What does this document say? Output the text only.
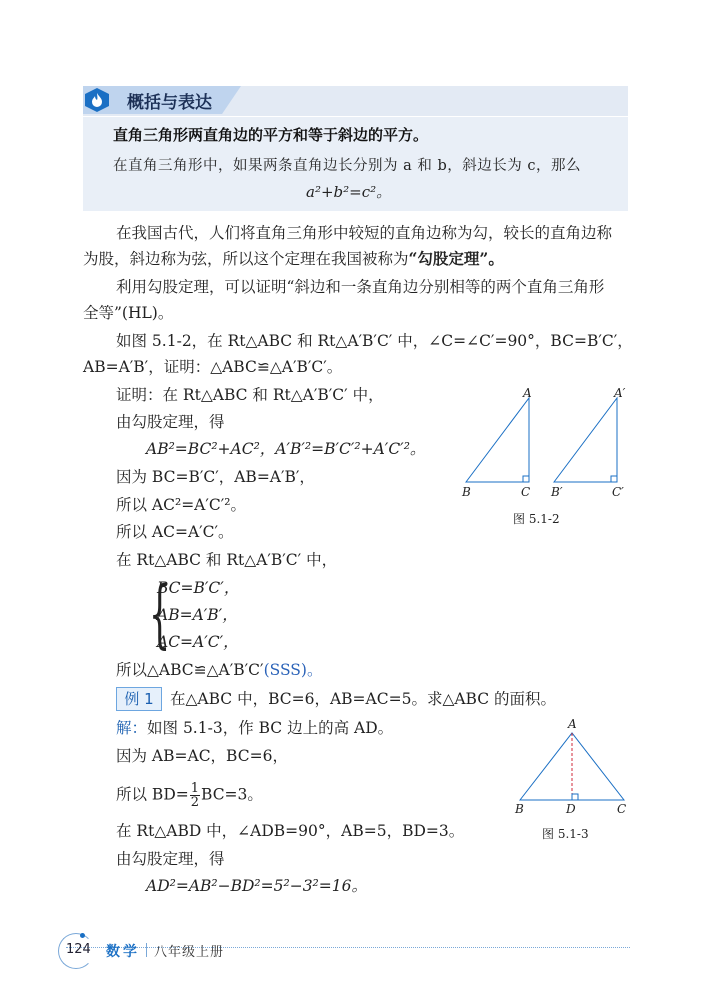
概括与表达
直角三角形两直角边的平方和等于斜边的平方。
在直角三角形中，如果两条直角边长分别为 a 和 b，斜边长为 c，那么
a²+b²=c²。
在我国古代，人们将直角三角形中较短的直角边称为勾，较长的直角边称
为股，斜边称为弦，所以这个定理在我国被称为“勾股定理”。
利用勾股定理，可以证明“斜边和一条直角边分别相等的两个直角三角形
全等”(HL)。
如图 5.1-2，在 Rt△ABC 和 Rt△A′B′C′ 中，∠C=∠C′=90°，BC=B′C′，
AB=A′B′，证明：△ABC≌△A′B′C′。
证明：在 Rt△ABC 和 Rt△A′B′C′ 中，
由勾股定理，得
AB²=BC²+AC²，A′B′²=B′C′²+A′C′²。
因为 BC=B′C′，AB=A′B′，
所以 AC²=A′C′²。
所以 AC=A′C′。
在 Rt△ABC 和 Rt△A′B′C′ 中，
{
BC=B′C′，
AB=A′B′，
AC=A′C′，
所以△ABC≌△A′B′C′(SSS)。
A
B	C
A′
B′	C′
图 5.1-2
例 1	在△ABC 中，BC=6，AB=AC=5。求△ABC 的面积。
解：如图 5.1-3，作 BC 边上的高 AD。
因为 AB=AC，BC=6，
所以 $BD= \frac{1}{2} BC=3$。
在 Rt△ABD 中，∠ADB=90°，AB=5，BD=3。
由勾股定理，得
AD²=AB²−BD²=5²−3²=16。
A
B	D	C
图 5.1-3
124 数学 八年级上册
